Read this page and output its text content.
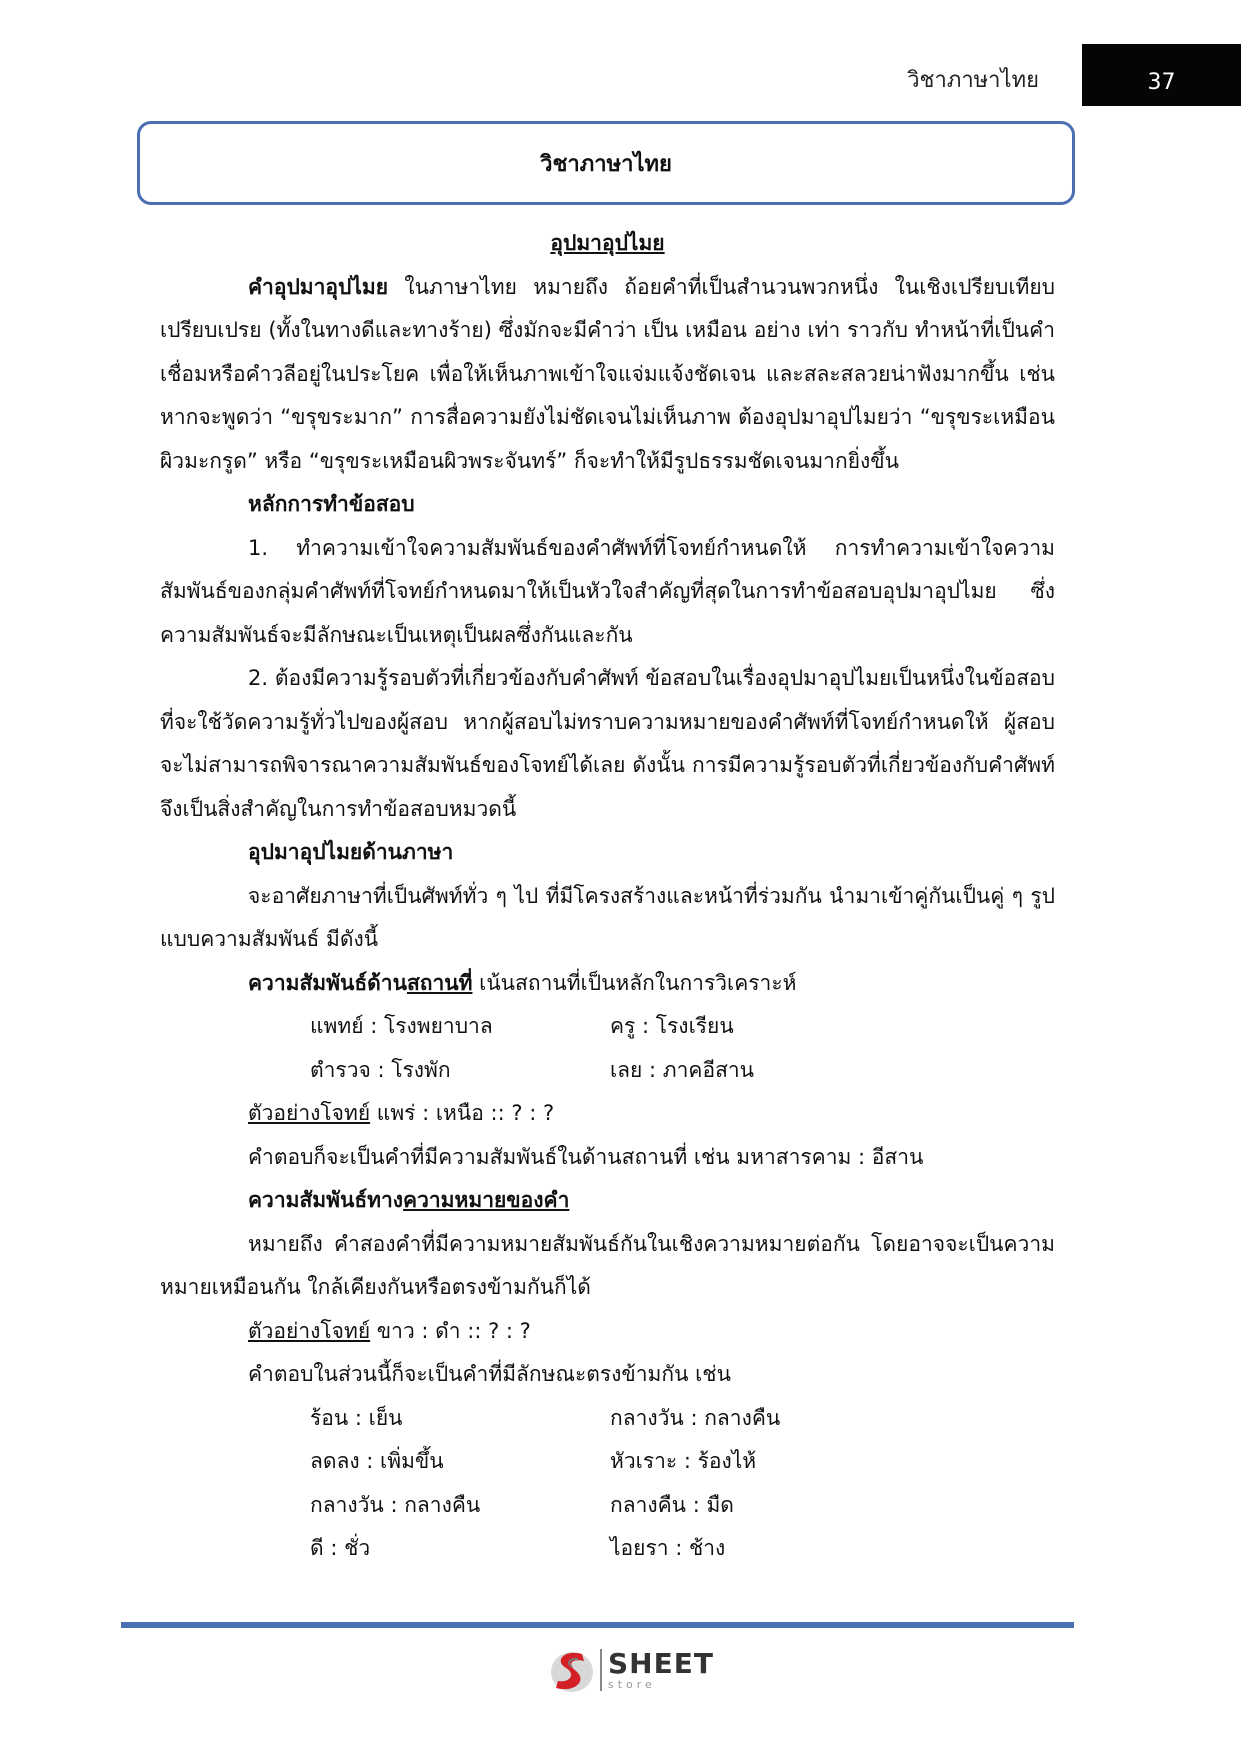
วิชาภาษาไทย	37
วิชาภาษาไทย

อุปมาอุปไมย

คำอุปมาอุปไมย ในภาษาไทย หมายถึง ถ้อยคำที่เป็นสำนวนพวกหนึ่ง ในเชิงเปรียบเทียบเปรียบเปรย (ทั้งในทางดีและทางร้าย) ซึ่งมักจะมีคำว่า เป็น เหมือน อย่าง เท่า ราวกับ ทำหน้าที่เป็นคำเชื่อมหรือคำวลีอยู่ในประโยค เพื่อให้เห็นภาพเข้าใจแจ่มแจ้งชัดเจน และสละสลวยน่าฟังมากขึ้น เช่น หากจะพูดว่า “ขรุขระมาก” การสื่อความยังไม่ชัดเจนไม่เห็นภาพ ต้องอุปมาอุปไมยว่า “ขรุขระเหมือนผิวมะกรูด” หรือ “ขรุขระเหมือนผิวพระจันทร์” ก็จะทำให้มีรูปธรรมชัดเจนมากยิ่งขึ้น

หลักการทำข้อสอบ

1. ทำความเข้าใจความสัมพันธ์ของคำศัพท์ที่โจทย์กำหนดให้ การทำความเข้าใจความสัมพันธ์ของกลุ่มคำศัพท์ที่โจทย์กำหนดมาให้เป็นหัวใจสำคัญที่สุดในการทำข้อสอบอุปมาอุปไมย ซึ่งความสัมพันธ์จะมีลักษณะเป็นเหตุเป็นผลซึ่งกันและกัน

2. ต้องมีความรู้รอบตัวที่เกี่ยวข้องกับคำศัพท์ ข้อสอบในเรื่องอุปมาอุปไมยเป็นหนึ่งในข้อสอบที่จะใช้วัดความรู้ทั่วไปของผู้สอบ หากผู้สอบไม่ทราบความหมายของคำศัพท์ที่โจทย์กำหนดให้ ผู้สอบจะไม่สามารถพิจารณาความสัมพันธ์ของโจทย์ได้เลย ดังนั้น การมีความรู้รอบตัวที่เกี่ยวข้องกับคำศัพท์จึงเป็นสิ่งสำคัญในการทำข้อสอบหมวดนี้

อุปมาอุปไมยด้านภาษา

จะอาศัยภาษาที่เป็นศัพท์ทั่ว ๆ ไป ที่มีโครงสร้างและหน้าที่ร่วมกัน นำมาเข้าคู่กันเป็นคู่ ๆ รูปแบบความสัมพันธ์ มีดังนี้

ความสัมพันธ์ด้านสถานที่ เน้นสถานที่เป็นหลักในการวิเคราะห์

แพทย์ : โรงพยาบาล	ครู : โรงเรียน
ตำรวจ : โรงพัก	เลย : ภาคอีสาน

ตัวอย่างโจทย์ แพร่ : เหนือ :: ? : ?

คำตอบก็จะเป็นคำที่มีความสัมพันธ์ในด้านสถานที่ เช่น มหาสารคาม : อีสาน

ความสัมพันธ์ทางความหมายของคำ

หมายถึง คำสองคำที่มีความหมายสัมพันธ์กันในเชิงความหมายต่อกัน โดยอาจจะเป็นความหมายเหมือนกัน ใกล้เคียงกันหรือตรงข้ามกันก็ได้

ตัวอย่างโจทย์ ขาว : ดำ :: ? : ?

คำตอบในส่วนนี้ก็จะเป็นคำที่มีลักษณะตรงข้ามกัน เช่น

ร้อน : เย็น	กลางวัน : กลางคืน
ลดลง : เพิ่มขึ้น	หัวเราะ : ร้องไห้
กลางวัน : กลางคืน	กลางคืน : มืด
ดี : ชั่ว	ไอยรา : ช้าง
SHEET
store
